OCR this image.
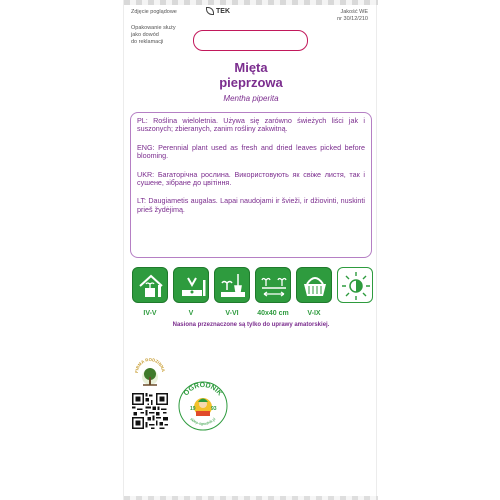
Zdjęcie poglądowe	TEK	Jakość WE
nr 30/12/210
Opakowanie służy
jako dowód
do reklamacji
Mięta
pieprzowa
Mentha piperita

PL: Roślina wieloletnia. Używa się zarówno świeżych liści jak i suszonych; zbieranych, zanim rośliny zakwitną.

ENG: Perennial plant used as fresh and dried leaves picked before blooming.

UKR: Багаторічна рослина. Використовують як свіже листя, так і сушене, зібране до цвітіння.

LT: Daugiametis augalas. Lapai naudojami ir švieži, ir džiovinti, nuskinti prieš žydėjimą.

IV-V	V	V-VI	40x40 cm	V-IX
Nasiona przeznaczone są tylko do uprawy amatorskiej.
FIRMA RODZINNA
OGRODNIK
sklep-ogrodnik.pl
19	93
